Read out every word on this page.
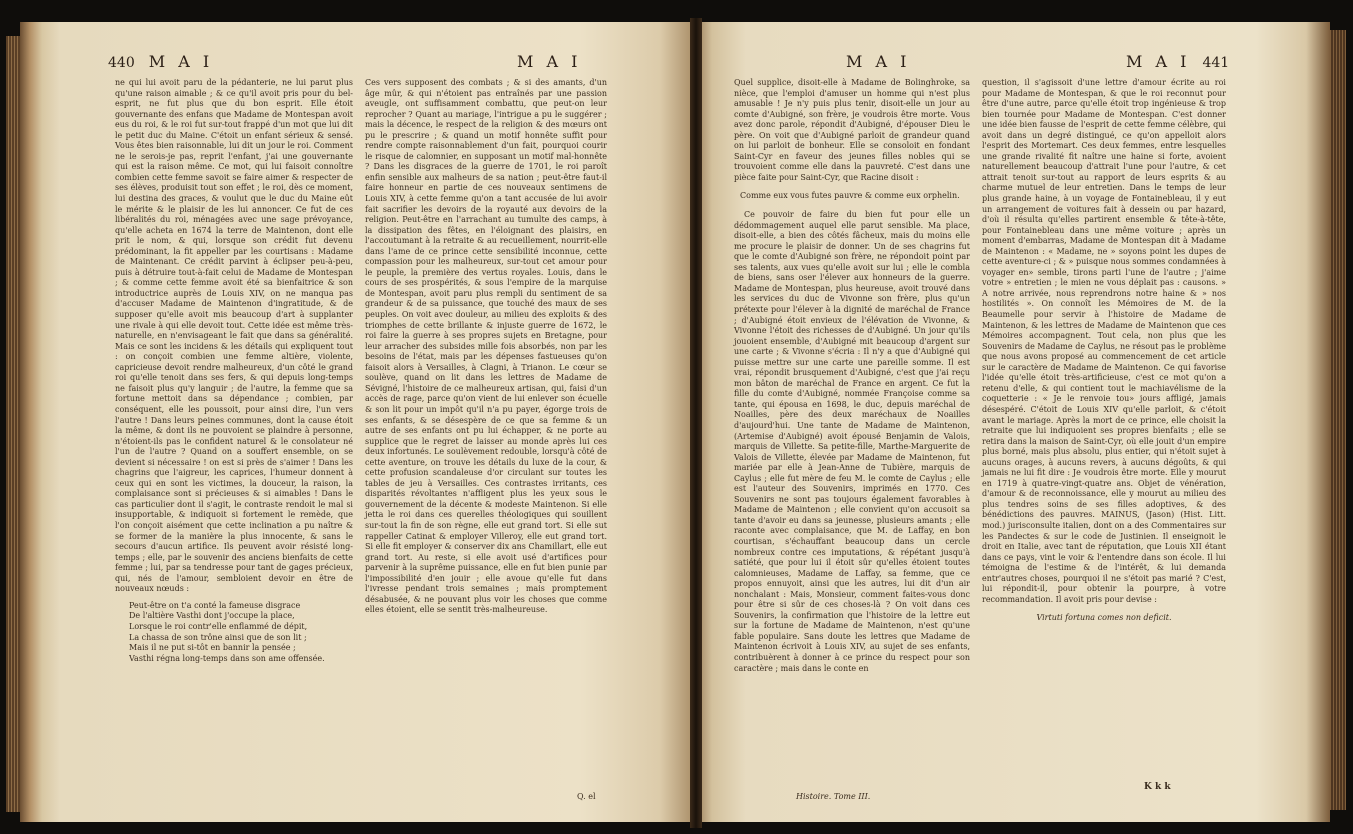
440 M A I	M A I

ne qui lui avoit paru de la pédanterie, ne lui parut plus qu'une raison aimable ; & ce qu'il avoit pris pour du bel-esprit, ne fut plus que du bon esprit. Elle étoit gouvernante des enfans que Madame de Montespan avoit eus du roi, & le roi fut sur-tout frappé d'un mot que lui dit le petit duc du Maine. C'étoit un enfant sérieux & sensé. Vous êtes bien raisonnable, lui dit un jour le roi. Comment ne le serois-je pas, reprit l'enfant, j'ai une gouvernante qui est la raison même. Ce mot, qui lui faisoit connoître combien cette femme savoit se faire aimer & respecter de ses élèves, produisit tout son effet ; le roi, dès ce moment, lui destina des graces, & voulut que le duc du Maine eût le mérite & le plaisir de les lui annoncer. Ce fut de ces libéralités du roi, ménagées avec une sage prévoyance, qu'elle acheta en 1674 la terre de Maintenon, dont elle prit le nom, & qui, lorsque son crédit fut devenu prédominant, la fit appeller par les courtisans : Madame de Maintenant. Ce crédit parvint à éclipser peu-à-peu, puis à détruire tout-à-fait celui de Madame de Montespan ; & comme cette femme avoit été sa bienfaitrice & son introductrice auprès de Louis XIV, on ne manqua pas d'accuser Madame de Maintenon d'ingratitude, & de supposer qu'elle avoit mis beaucoup d'art à supplanter une rivale à qui elle devoit tout. Cette idée est même très-naturelle, en n'envisageant le fait que dans sa généralité. Mais ce sont les incidens & les détails qui expliquent tout : on conçoit combien une femme altière, violente, capricieuse devoit rendre malheureux, d'un côté le grand roi qu'elle tenoit dans ses fers, & qui depuis long-temps ne faisoit plus qu'y languir ; de l'autre, la femme que sa fortune mettoit dans sa dépendance ; combien, par conséquent, elle les poussoit, pour ainsi dire, l'un vers l'autre ! Dans leurs peines communes, dont la cause étoit la même, & dont ils ne pouvoient se plaindre à personne, n'étoient-ils pas le confident naturel & le consolateur né l'un de l'autre ? Quand on a souffert ensemble, on se devient si nécessaire ! on est si près de s'aimer ! Dans les chagrins que l'aigreur, les caprices, l'humeur donnent à ceux qui en sont les victimes, la douceur, la raison, la complaisance sont si précieuses & si aimables ! Dans le cas particulier dont il s'agit, le contraste rendoit le mal si insupportable, & indiquoit si fortement le remède, que l'on conçoit aisément que cette inclination a pu naître & se former de la manière la plus innocente, & sans le secours d'aucun artifice. Ils peuvent avoir résisté long-temps ; elle, par le souvenir des anciens bienfaits de cette femme ; lui, par sa tendresse pour tant de gages précieux, qui, nés de l'amour, sembloient devoir en être de nouveaux nœuds :

Peut-être on t'a conté la fameuse disgrace
De l'altière Vasthi dont j'occupe la place,
Lorsque le roi contr'elle enflammé de dépit,
La chassa de son trône ainsi que de son lit ;
Mais il ne put si-tôt en bannir la pensée ;
Vasthi régna long-temps dans son ame offensée.

Ces vers supposent des combats ; & si des amants, d'un âge mûr, & qui n'étoient pas entraînés par une passion aveugle, ont suffisamment combattu, que peut-on leur reprocher ? Quant au mariage, l'intrigue a pu le suggérer ; mais la décence, le respect de la religion & des mœurs ont pu le prescrire ; & quand un motif honnête suffit pour rendre compte raisonnablement d'un fait, pourquoi courir le risque de calomnier, en supposant un motif mal-honnête ? Dans les disgraces de la guerre de 1701, le roi paroît enfin sensible aux malheurs de sa nation ; peut-être faut-il faire honneur en partie de ces nouveaux sentimens de Louis XIV, à cette femme qu'on a tant accusée de lui avoir fait sacrifier les devoirs de la royauté aux devoirs de la religion. Peut-être en l'arrachant au tumulte des camps, à la dissipation des fêtes, en l'éloignant des plaisirs, en l'accoutumant à la retraite & au recueillement, nourrit-elle dans l'ame de ce prince cette sensibilité inconnue, cette compassion pour les malheureux, sur-tout cet amour pour le peuple, la première des vertus royales. Louis, dans le cours de ses prospérités, & sous l'empire de la marquise de Montespan, avoit paru plus rempli du sentiment de sa grandeur & de sa puissance, que touché des maux de ses peuples. On voit avec douleur, au milieu des exploits & des triomphes de cette brillante & injuste guerre de 1672, le roi faire la guerre à ses propres sujets en Bretagne, pour leur arracher des subsides mille fois absorbés, non par les besoins de l'état, mais par les dépenses fastueuses qu'on faisoit alors à Versailles, à Clagni, à Trianon. Le cœur se soulève, quand on lit dans les lettres de Madame de Sévigné, l'histoire de ce malheureux artisan, qui, faisi d'un accès de rage, parce qu'on vient de lui enlever son écuelle & son lit pour un impôt qu'il n'a pu payer, égorge trois de ses enfants, & se désespère de ce que sa femme & un autre de ses enfants ont pu lui échapper, & ne porte au supplice que le regret de laisser au monde après lui ces deux infortunés. Le soulèvement redouble, lorsqu'à côté de cette aventure, on trouve les détails du luxe de la cour, & cette profusion scandaleuse d'or circulant sur toutes les tables de jeu à Versailles. Ces contrastes irritants, ces disparités révoltantes n'affligent plus les yeux sous le gouvernement de la décente & modeste Maintenon. Si elle jetta le roi dans ces querelles théologiques qui souillent sur-tout la fin de son règne, elle eut grand tort. Si elle sut rappeller Catinat & employer Villeroy, elle eut grand tort. Si elle fit employer & conserver dix ans Chamillart, elle eut grand tort. Au reste, si elle avoit usé d'artifices pour parvenir à la suprême puissance, elle en fut bien punie par l'impossibilité d'en jouir ; elle avoue qu'elle fut dans l'ivresse pendant trois semaines ; mais promptement désabusée, & ne pouvant plus voir les choses que comme elles étoient, elle se sentit très-malheureuse.

Q. el
M A I	M A I 441

Quel supplice, disoit-elle à Madame de Bolinghroke, sa nièce, que l'emploi d'amuser un homme qui n'est plus amusable ! Je n'y puis plus tenir, disoit-elle un jour au comte d'Aubigné, son frère, je voudrois être morte. Vous avez donc parole, répondit d'Aubigné, d'épouser Dieu le père. On voit que d'Aubigné parloit de grandeur quand on lui parloit de bonheur. Elle se consoloit en fondant Saint-Cyr en faveur des jeunes filles nobles qui se trouvoient comme elle dans la pauvreté. C'est dans une pièce faite pour Saint-Cyr, que Racine disoit :

Comme eux vous futes pauvre & comme eux orphelin.

Ce pouvoir de faire du bien fut pour elle un dédommagement auquel elle parut sensible. Ma place, disoit-elle, a bien des côtés fâcheux, mais du moins elle me procure le plaisir de donner. Un de ses chagrins fut que le comte d'Aubigné son frère, ne répondoit point par ses talents, aux vues qu'elle avoit sur lui ; elle le combla de biens, sans oser l'élever aux honneurs de la guerre. Madame de Montespan, plus heureuse, avoit trouvé dans les services du duc de Vivonne son frère, plus qu'un prétexte pour l'élever à la dignité de maréchal de France ; d'Aubigné étoit envieux de l'élévation de Vivonne, & Vivonne l'étoit des richesses de d'Aubigné. Un jour qu'ils jouoient ensemble, d'Aubigné mit beaucoup d'argent sur une carte ; & Vivonne s'écria : Il n'y a que d'Aubigné qui puisse mettre sur une carte une pareille somme. Il est vrai, répondit brusquement d'Aubigné, c'est que j'ai reçu mon bâton de maréchal de France en argent. Ce fut la fille du comte d'Aubigné, nommée Françoise comme sa tante, qui épousa en 1698, le duc, depuis maréchal de Noailles, père des deux maréchaux de Noailles d'aujourd'hui. Une tante de Madame de Maintenon, (Artemise d'Aubigné) avoit épousé Benjamin de Valois, marquis de Villette. Sa petite-fille, Marthe-Marguerite de Valois de Villette, élevée par Madame de Maintenon, fut mariée par elle à Jean-Anne de Tubière, marquis de Caylus ; elle fut mère de feu M. le comte de Caylus ; elle est l'auteur des Souvenirs, imprimés en 1770. Ces Souvenirs ne sont pas toujours également favorables à Madame de Maintenon ; elle convient qu'on accusoit sa tante d'avoir eu dans sa jeunesse, plusieurs amants ; elle raconte avec complaisance, que M. de Laffay, en bon courtisan, s'échauffant beaucoup dans un cercle nombreux contre ces imputations, & répétant jusqu'à satiété, que pour lui il étoit sûr qu'elles étoient toutes calomnieuses, Madame de Laffay, sa femme, que ce propos ennuyoit, ainsi que les autres, lui dit d'un air nonchalant : Mais, Monsieur, comment faites-vous donc pour être si sûr de ces choses-là ? On voit dans ces Souvenirs, la confirmation que l'histoire de la lettre eut sur la fortune de Madame de Maintenon, n'est qu'une fable populaire. Sans doute les lettres que Madame de Maintenon écrivoit à Louis XIV, au sujet de ses enfants, contribuèrent à donner à ce prince du respect pour son caractère ; mais dans le conte en

question, il s'agissoit d'une lettre d'amour écrite au roi pour Madame de Montespan, & que le roi reconnut pour être d'une autre, parce qu'elle étoit trop ingénieuse & trop bien tournée pour Madame de Montespan. C'est donner une idée bien fausse de l'esprit de cette femme célèbre, qui avoit dans un degré distingué, ce qu'on appelloit alors l'esprit des Mortemart. Ces deux femmes, entre lesquelles une grande rivalité fit naître une haine si forte, avoient naturellement beaucoup d'attrait l'une pour l'autre, & cet attrait tenoit sur-tout au rapport de leurs esprits & au charme mutuel de leur entretien. Dans le temps de leur plus grande haine, à un voyage de Fontainebleau, il y eut un arrangement de voitures fait à dessein ou par hazard, d'où il résulta qu'elles partirent ensemble & tête-à-tête, pour Fontainebleau dans une même voiture ; après un moment d'embarras, Madame de Montespan dit à Madame de Maintenon : « Madame, ne » soyons point les dupes de cette aventure-ci ; & » puisque nous sommes condamnées à voyager en» semble, tirons parti l'une de l'autre ; j'aime votre » entretien ; le mien ne vous déplait pas : causons. » A notre arrivée, nous reprendrons notre haine & » nos hostilités ». On connoît les Mémoires de M. de la Beaumelle pour servir à l'histoire de Madame de Maintenon, & les lettres de Madame de Maintenon que ces Mémoires accompagnent. Tout cela, non plus que les Souvenirs de Madame de Caylus, ne résout pas le problème que nous avons proposé au commencement de cet article sur le caractère de Madame de Maintenon. Ce qui favorise l'idée qu'elle étoit très-artificieuse, c'est ce mot qu'on a retenu d'elle, & qui contient tout le machiavélisme de la coquetterie : « Je le renvoie tou» jours affligé, jamais désespéré. C'étoit de Louis XIV qu'elle parloit, & c'étoit avant le mariage. Après la mort de ce prince, elle choisit la retraite que lui indiquoient ses propres bienfaits ; elle se retira dans la maison de Saint-Cyr, où elle jouit d'un empire plus borné, mais plus absolu, plus entier, qui n'étoit sujet à aucuns orages, à aucuns revers, à aucuns dégoûts, & qui jamais ne lui fit dire : Je voudrois être morte. Elle y mourut en 1719 à quatre-vingt-quatre ans. Objet de vénération, d'amour & de reconnoissance, elle y mourut au milieu des plus tendres soins de ses filles adoptives, & des bénédictions des pauvres. MAINUS, (Jason) (Hist. Litt. mod.) jurisconsulte italien, dont on a des Commentaires sur les Pandectes & sur le code de Justinien. Il enseignoit le droit en Italie, avec tant de réputation, que Louis XII étant dans ce pays, vint le voir & l'entendre dans son école. Il lui témoigna de l'estime & de l'intérêt, & lui demanda entr'autres choses, pourquoi il ne s'étoit pas marié ? C'est, lui répondit-il, pour obtenir la pourpre, à votre recommandation. Il avoit pris pour devise :

Virtuti fortuna comes non deficit.
Histoire. Tome III.
K k k
